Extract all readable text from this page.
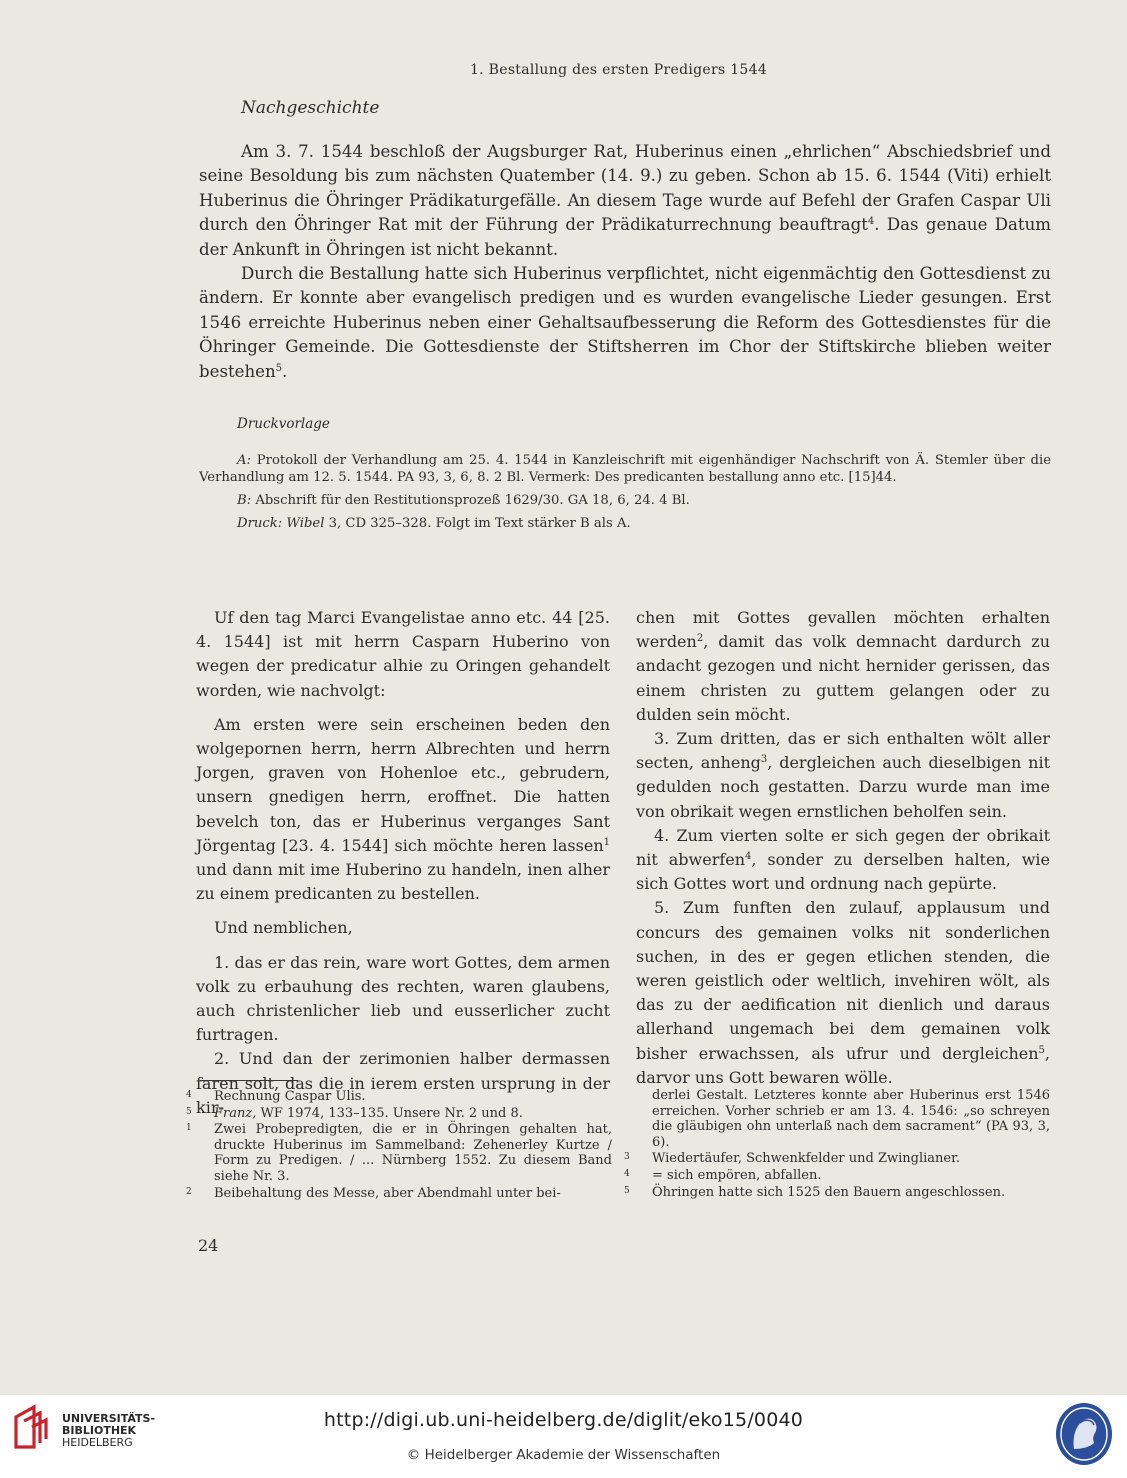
1. Bestallung des ersten Predigers 1544
Nachgeschichte

Am 3. 7. 1544 beschloß der Augsburger Rat, Huberinus einen „ehrlichen“ Abschiedsbrief und seine Besoldung bis zum nächsten Quatember (14. 9.) zu geben. Schon ab 15. 6. 1544 (Viti) erhielt Huberinus die Öhringer Prädikaturgefälle. An diesem Tage wurde auf Befehl der Grafen Caspar Uli durch den Öhringer Rat mit der Führung der Prädikaturrechnung beauftragt$^4$. Das genaue Datum der Ankunft in Öhringen ist nicht bekannt.

Durch die Bestallung hatte sich Huberinus verpflichtet, nicht eigenmächtig den Gottesdienst zu ändern. Er konnte aber evangelisch predigen und es wurden evangelische Lieder gesungen. Erst 1546 erreichte Huberinus neben einer Gehaltsaufbesserung die Reform des Gottesdienstes für die Öhringer Gemeinde. Die Gottesdienste der Stiftsherren im Chor der Stiftskirche blieben weiter bestehen$^5$.

Druckvorlage

A: Protokoll der Verhandlung am 25. 4. 1544 in Kanzleischrift mit eigenhändiger Nachschrift von Ä. Stemler über die Verhandlung am 12. 5. 1544. PA 93, 3, 6, 8. 2 Bl. Vermerk: Des predicanten bestallung anno etc. [15]44.

B: Abschrift für den Restitutionsprozeß 1629/30. GA 18, 6, 24. 4 Bl.

Druck: Wibel 3, CD 325–328. Folgt im Text stärker B als A.

Uf den tag Marci Evangelistae anno etc. 44 [25. 4. 1544] ist mit herrn Casparn Huberino von wegen der predicatur alhie zu Oringen gehandelt worden, wie nachvolgt:

Am ersten were sein erscheinen beden den wolgepornen herrn, herrn Albrechten und herrn Jorgen, graven von Hohenloe etc., gebrudern, unsern gnedigen herrn, eroffnet. Die hatten bevelch ton, das er Huberinus verganges Sant Jörgentag [23. 4. 1544] sich möchte heren lassen$^1$ und dann mit ime Huberino zu handeln, inen alher zu einem predicanten zu bestellen.

Und nemblichen,

1. das er das rein, ware wort Gottes, dem armen volk zu erbauhung des rechten, waren glaubens, auch christenlicher lieb und eusserlicher zucht furtragen.

2. Und dan der zerimonien halber dermassen faren solt, das die in ierem ersten ursprung in der kir-

chen mit Gottes gevallen möchten erhalten werden$^2$, damit das volk demnacht dardurch zu andacht gezogen und nicht hernider gerissen, das einem christen zu guttem gelangen oder zu dulden sein möcht.

3. Zum dritten, das er sich enthalten wölt aller secten, anheng$^3$, dergleichen auch dieselbigen nit gedulden noch gestatten. Darzu wurde man ime von obrikait wegen ernstlichen beholfen sein.

4. Zum vierten solte er sich gegen der obrikait nit abwerfen$^4$, sonder zu derselben halten, wie sich Gottes wort und ordnung nach gepürte.

5. Zum funften den zulauf, applausum und concurs des gemainen volks nit sonderlichen suchen, in des er gegen etlichen stenden, die weren geistlich oder weltlich, invehiren wölt, als das zu der aedification nit dienlich und daraus allerhand ungemach bei dem gemainen volk bisher erwachssen, als ufrur und dergleichen$^5$, darvor uns Gott bewaren wölle.

4 Rechnung Caspar Ulis.

5 Franz, WF 1974, 133–135. Unsere Nr. 2 und 8.

1 Zwei Probepredigten, die er in Öhringen gehalten hat, druckte Huberinus im Sammelband: Zehenerley Kurtze / Form zu Predigen. / ... Nürnberg 1552. Zu diesem Band siehe Nr. 3.

2 Beibehaltung des Messe, aber Abendmahl unter bei-

derlei Gestalt. Letzteres konnte aber Huberinus erst 1546 erreichen. Vorher schrieb er am 13. 4. 1546: „so schreyen die gläubigen ohn unterlaß nach dem sacrament“ (PA 93, 3, 6).

3 Wiedertäufer, Schwenkfelder und Zwinglianer.

4 = sich empören, abfallen.

5 Öhringen hatte sich 1525 den Bauern angeschlossen.

24
UNIVERSITÄTS-
BIBLIOTHEK
HEIDELBERG
http://digi.ub.uni-heidelberg.de/diglit/eko15/0040
© Heidelberger Akademie der Wissenschaften
